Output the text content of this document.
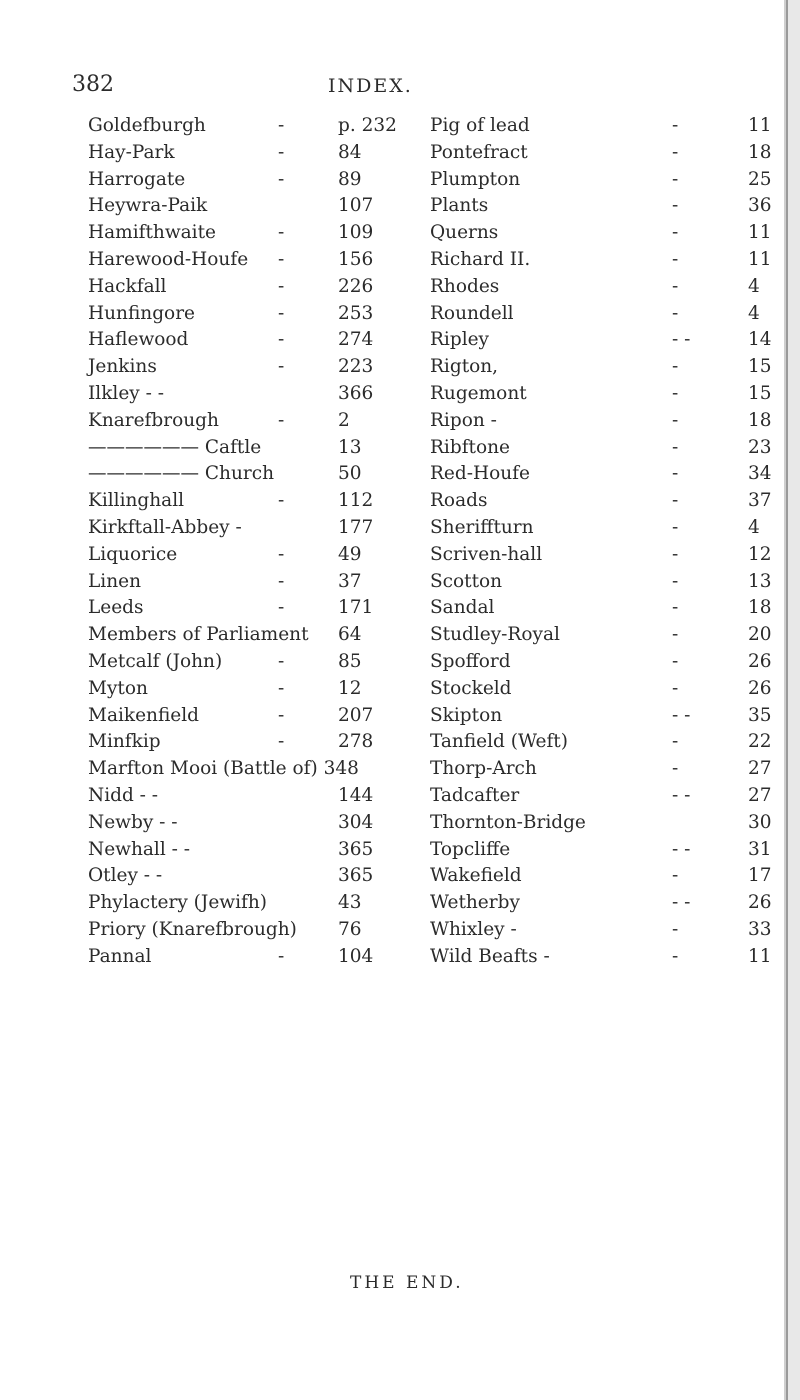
382	INDEX.
Goldefburgh	-	p. 232
Hay-Park	-	84
Harrogate	-	89
Heywra-Paik	107
Hamifthwaite	-	109
Harewood-Houfe -	156
Hackfall	-	226
Hunfingore	-	253
Haflewood	-	274
Jenkins	-	223
Ilkley - -	366
Knarefbrough	-	2
—————— Caftle	13
—————— Church	50
Killinghall	-	112
Kirkftall-Abbey -	177
Liquorice	-	49
Linen	-	37
Leeds	-	171
Members of Parliament 64
Metcalf (John)	-	85
Myton	-	12
Maikenfield	-	207
Minfkip	-	278
Marfton Mooi (Battle of) 348
Nidd - -	144
Newby - -	304
Newhall - -	365
Otley - -	365
Phylactery (Jewifh)	43
Priory (Knarefbrough) 76
Pannal	-	104
Pig of lead	-	11
Pontefract	-	18
Plumpton	-	25
Plants	-	36
Querns	-	11
Richard II.	-	11
Rhodes	-	4
Roundell	-	4
Ripley	- -	14
Rigton,	-	15
Rugemont	-	15
Ripon -	-	18
Ribftone	-	23
Red-Houfe	-	34
Roads	-	37
Sheriffturn	-	4
Scriven-hall	-	12
Scotton	-	13
Sandal	-	18
Studley-Royal	-	20
Spofford	-	26
Stockeld	-	26
Skipton	- -	35
Tanfield (Weft)	-	22
Thorp-Arch	-	27
Tadcafter	- -	27
Thornton-Bridge	30
Topcliffe	- -	31
Wakefield	-	17
Wetherby	- -	26
Whixley -	-	33
Wild Beafts -	-	11
THE END.
